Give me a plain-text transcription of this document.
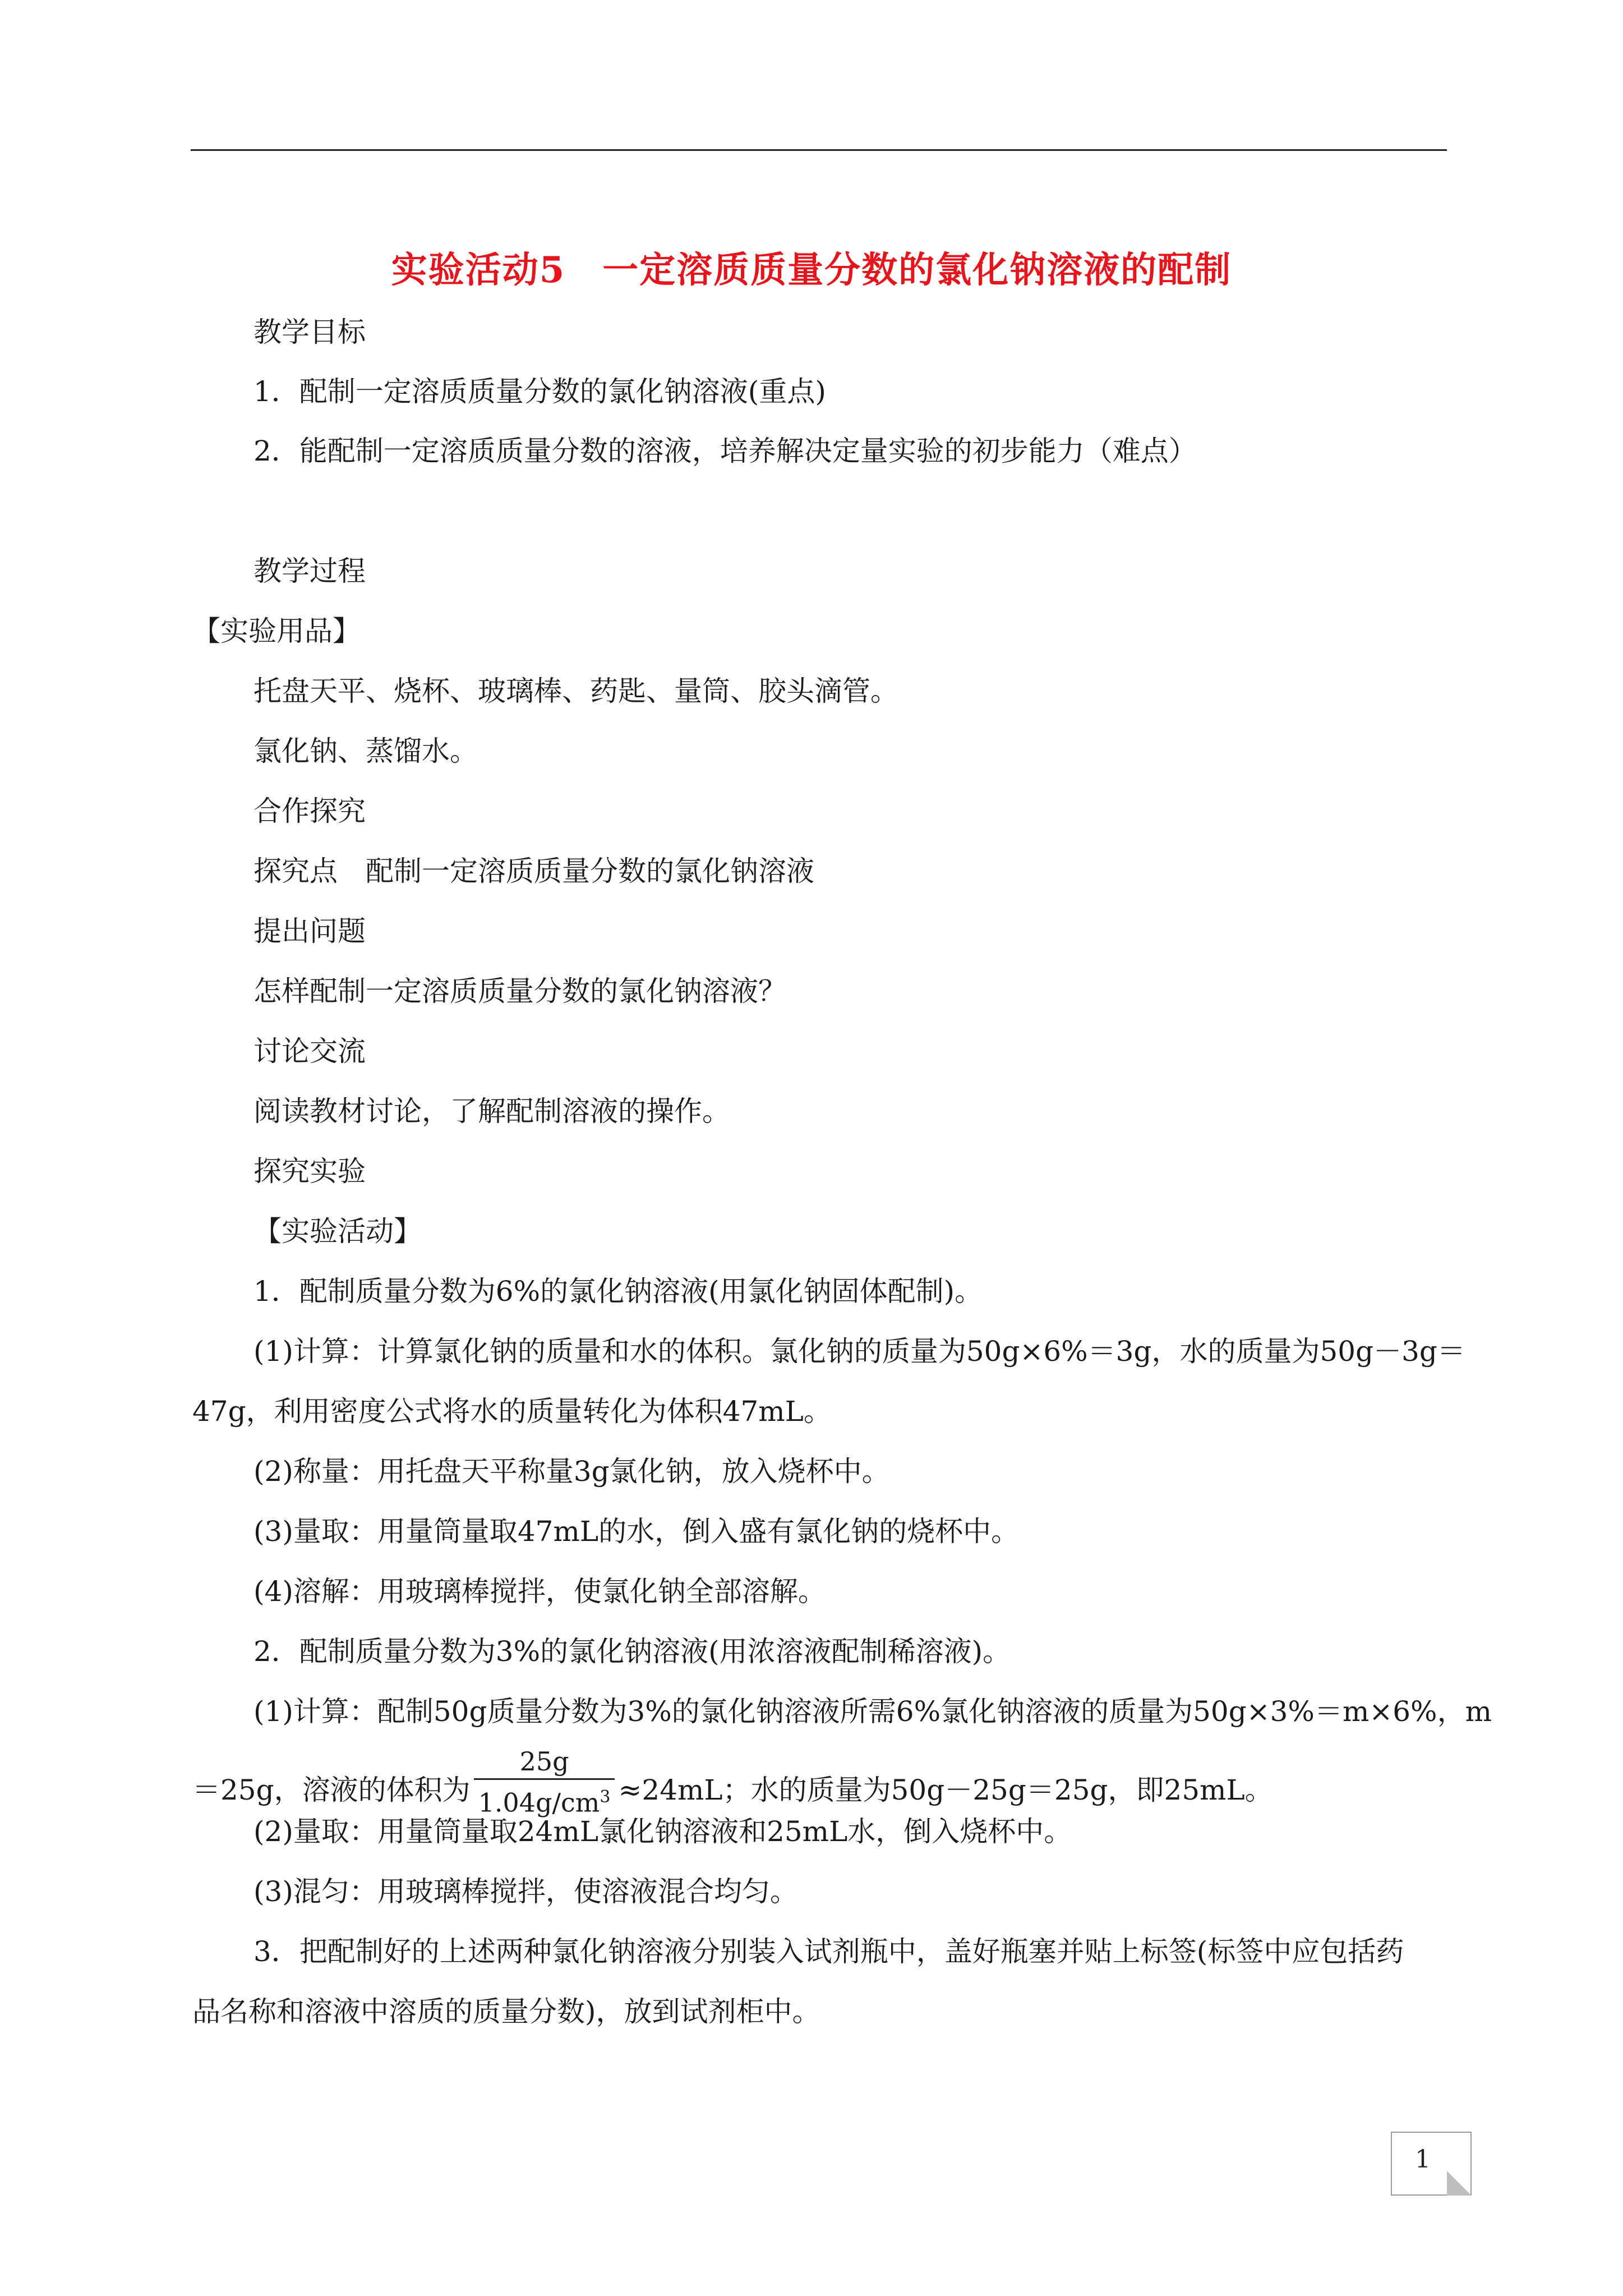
实验活动5　一定溶质质量分数的氯化钠溶液的配制
教学目标
1．配制一定溶质质量分数的氯化钠溶液(重点)
2．能配制一定溶质质量分数的溶液，培养解决定量实验的初步能力（难点）
教学过程
【实验用品】
托盘天平、烧杯、玻璃棒、药匙、量筒、胶头滴管。
氯化钠、蒸馏水。
合作探究
探究点　配制一定溶质质量分数的氯化钠溶液
提出问题
怎样配制一定溶质质量分数的氯化钠溶液？
讨论交流
阅读教材讨论，了解配制溶液的操作。
探究实验
【实验活动】
1．配制质量分数为6%的氯化钠溶液(用氯化钠固体配制)。
(1)计算：计算氯化钠的质量和水的体积。氯化钠的质量为50g×6%＝3g，水的质量为50g－3g＝
47g，利用密度公式将水的质量转化为体积47mL。
(2)称量：用托盘天平称量3g氯化钠，放入烧杯中。
(3)量取：用量筒量取47mL的水，倒入盛有氯化钠的烧杯中。
(4)溶解：用玻璃棒搅拌，使氯化钠全部溶解。
2．配制质量分数为3%的氯化钠溶液(用浓溶液配制稀溶液)。
(1)计算：配制50g质量分数为3%的氯化钠溶液所需6%氯化钠溶液的质量为50g×3%＝m×6%，m
＝25g，溶液的体积为 $\frac{25g}{1.04g/cm^3} \approx 24mL$；水的质量为50g－25g＝25g，即25mL。
(2)量取：用量筒量取24mL氯化钠溶液和25mL水，倒入烧杯中。
(3)混匀：用玻璃棒搅拌，使溶液混合均匀。
3．把配制好的上述两种氯化钠溶液分别装入试剂瓶中，盖好瓶塞并贴上标签(标签中应包括药
品名称和溶液中溶质的质量分数)，放到试剂柜中。
1
